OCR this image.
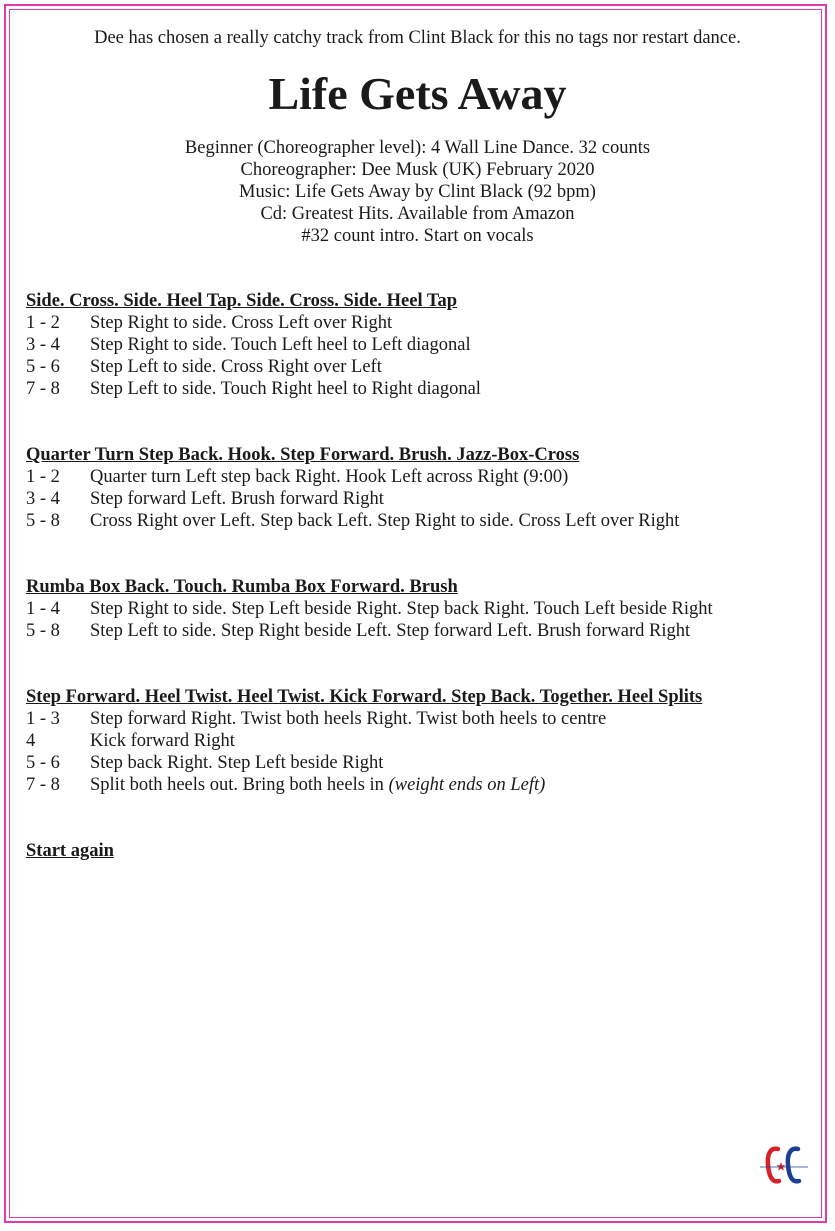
Dee has chosen a really catchy track from Clint Black for this no tags nor restart dance.
Life Gets Away
Beginner (Choreographer level): 4 Wall Line Dance. 32 counts
Choreographer: Dee Musk (UK) February 2020
Music: Life Gets Away by Clint Black (92 bpm)
Cd: Greatest Hits. Available from Amazon
#32 count intro. Start on vocals
Side. Cross. Side. Heel Tap. Side. Cross. Side. Heel Tap
1 - 2	Step Right to side. Cross Left over Right
3 - 4	Step Right to side. Touch Left heel to Left diagonal
5 - 6	Step Left to side. Cross Right over Left
7 - 8	Step Left to side. Touch Right heel to Right diagonal
Quarter Turn Step Back. Hook. Step Forward. Brush. Jazz-Box-Cross
1 - 2	Quarter turn Left step back Right. Hook Left across Right (9:00)
3 - 4	Step forward Left. Brush forward Right
5 - 8	Cross Right over Left. Step back Left. Step Right to side. Cross Left over Right
Rumba Box Back. Touch. Rumba Box Forward. Brush
1 - 4	Step Right to side. Step Left beside Right. Step back Right. Touch Left beside Right
5 - 8	Step Left to side. Step Right beside Left. Step forward Left. Brush forward Right
Step Forward. Heel Twist. Heel Twist. Kick Forward. Step Back. Together. Heel Splits
1 - 3	Step forward Right. Twist both heels Right. Twist both heels to centre
4	Kick forward Right
5 - 6	Step back Right. Step Left beside Right
7 - 8	Split both heels out. Bring both heels in (weight ends on Left)
Start again
